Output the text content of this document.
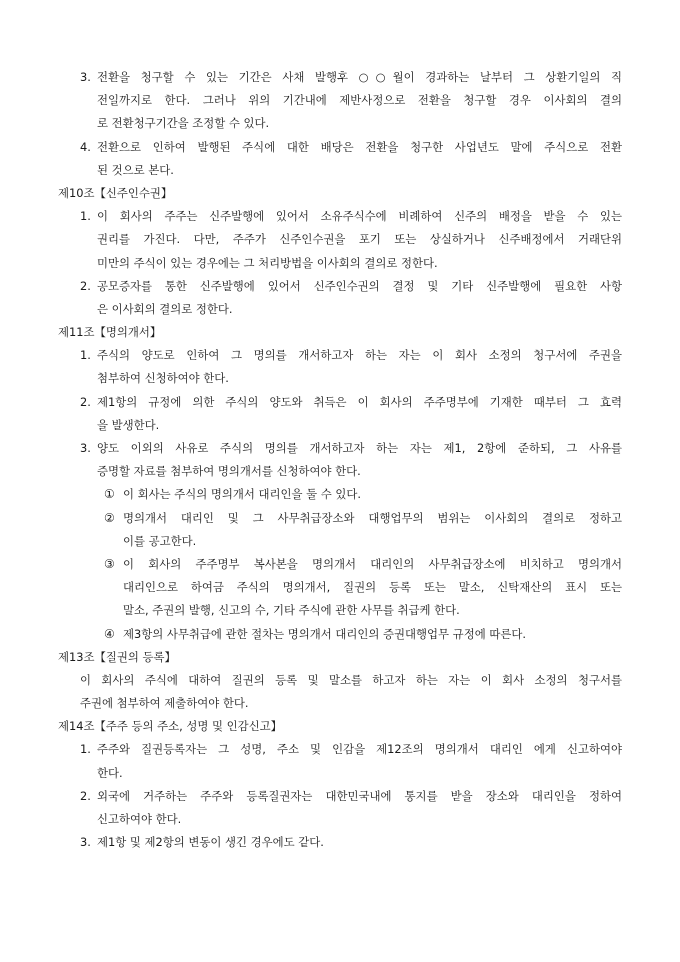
3. 전환을 청구할 수 있는 기간은 사채 발행후 ○○월이 경과하는 날부터 그 상환기일의 직
전일까지로 한다. 그러나 위의 기간내에 제반사정으로 전환을 청구할 경우 이사회의 결의
로 전환청구기간을 조정할 수 있다.
4. 전환으로 인하여 발행된 주식에 대한 배당은 전환을 청구한 사업년도 말에 주식으로 전환
된 것으로 본다.
제10조【신주인수권】
1. 이 회사의 주주는 신주발행에 있어서 소유주식수에 비례하여 신주의 배정을 받을 수 있는
권리를 가진다. 다만, 주주가 신주인수권을 포기 또는 상실하거나 신주배정에서 거래단위
미만의 주식이 있는 경우에는 그 처리방법을 이사회의 결의로 정한다.
2. 공모증자를 통한 신주발행에 있어서 신주인수권의 결정 및 기타 신주발행에 필요한 사항
은 이사회의 결의로 정한다.
제11조【명의개서】
1. 주식의 양도로 인하여 그 명의를 개서하고자 하는 자는 이 회사 소정의 청구서에 주권을
첨부하여 신청하여야 한다.
2. 제1항의 규정에 의한 주식의 양도와 취득은 이 회사의 주주명부에 기재한 때부터 그 효력
을 발생한다.
3. 양도 이외의 사유로 주식의 명의를 개서하고자 하는 자는 제1, 2항에 준하되, 그 사유를
증명할 자료를 첨부하여 명의개서를 신청하여야 한다.
① 이 회사는 주식의 명의개서 대리인을 둘 수 있다.
② 명의개서 대리인 및 그 사무취급장소와 대행업무의 범위는 이사회의 결의로 정하고
이를 공고한다.
③ 이 회사의 주주명부 복사본을 명의개서 대리인의 사무취급장소에 비치하고 명의개서
대리인으로 하여금 주식의 명의개서, 질권의 등록 또는 말소, 신탁재산의 표시 또는
말소, 주권의 발행, 신고의 수, 기타 주식에 관한 사무를 취급케 한다.
④ 제3항의 사무취급에 관한 절차는 명의개서 대리인의 증권대행업무 규정에 따른다.
제13조【질권의 등록】
이 회사의 주식에 대하여 질권의 등록 및 말소를 하고자 하는 자는 이 회사 소정의 청구서를
주권에 첨부하여 제출하여야 한다.
제14조【주주 등의 주소, 성명 및 인감신고】
1. 주주와 질권등록자는 그 성명, 주소 및 인감을 제12조의 명의개서 대리인 에게 신고하여야
한다.
2. 외국에 거주하는 주주와 등록질권자는 대한민국내에 통지를 받을 장소와 대리인을 정하여
신고하여야 한다.
3. 제1항 및 제2항의 변동이 생긴 경우에도 같다.
